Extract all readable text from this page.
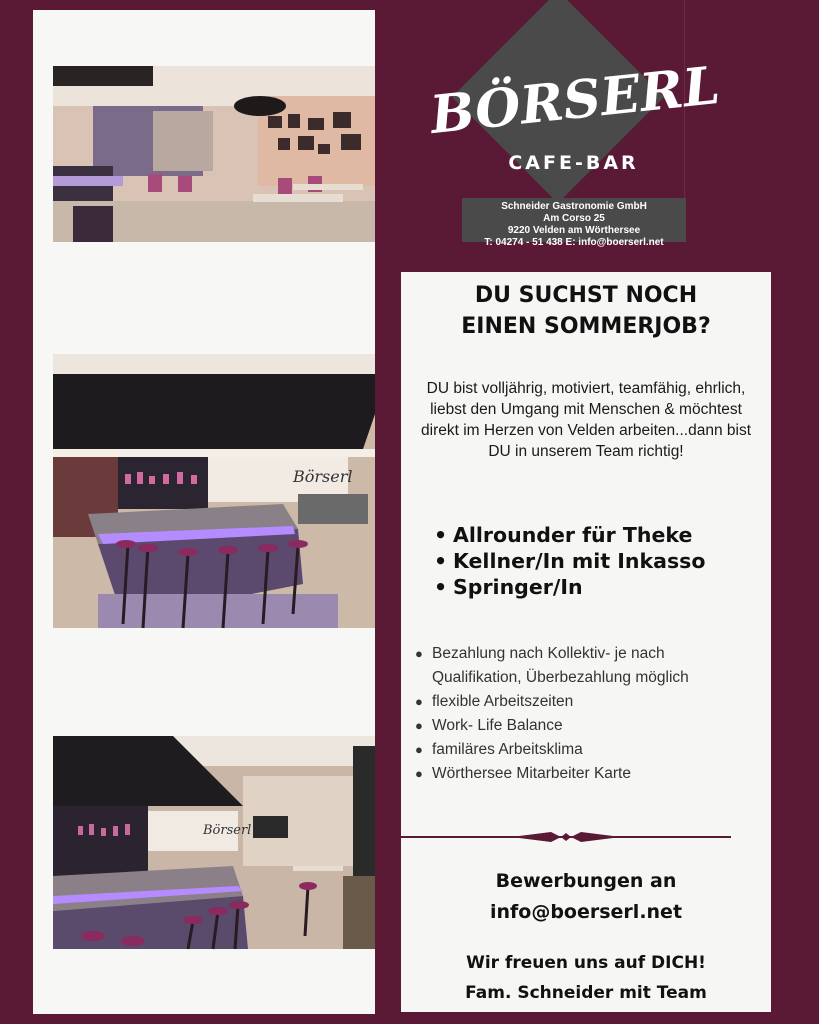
Börserl
Börserl
BÖRSERL
CAFE-BAR
Schneider Gastronomie GmbH
Am Corso 25
9220 Velden am Wörthersee
T: 04274 - 51 438 E: info@boerserl.net
DU SUCHST NOCH
EINEN SOMMERJOB?

DU bist volljährig, motiviert, teamfähig, ehrlich, liebst den Umgang mit Menschen & möchtest direkt im Herzen von Velden arbeiten...dann bist DU in unserem Team richtig!

• Allrounder für Theke
• Kellner/In mit Inkasso
• Springer/In
● Bezahlung nach Kollektiv- je nach Qualifikation, Überbezahlung möglich
● flexible Arbeitszeiten
● Work- Life Balance
● familäres Arbeitsklima
● Wörthersee Mitarbeiter Karte
Bewerbungen an
info@boerserl.net
Wir freuen uns auf DICH!
Fam. Schneider mit Team
